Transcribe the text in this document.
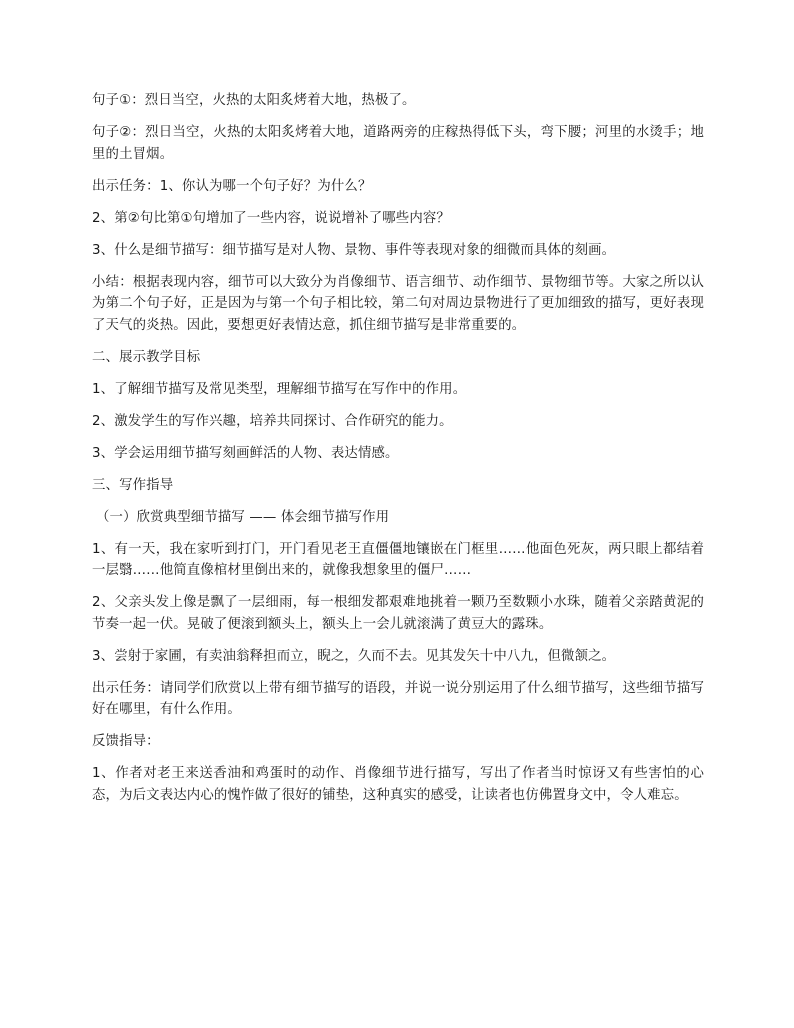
句子①：烈日当空，火热的太阳炙烤着大地，热极了。

句子②：烈日当空，火热的太阳炙烤着大地，道路两旁的庄稼热得低下头，弯下腰；河里的水烫手；地里的土冒烟。

出示任务：1、你认为哪一个句子好？为什么？

2、第②句比第①句增加了一些内容，说说增补了哪些内容？

3、什么是细节描写：细节描写是对人物、景物、事件等表现对象的细微而具体的刻画。

小结：根据表现内容，细节可以大致分为肖像细节、语言细节、动作细节、景物细节等。大家之所以认为第二个句子好，正是因为与第一个句子相比较，第二句对周边景物进行了更加细致的描写，更好表现了天气的炎热。因此，要想更好表情达意，抓住细节描写是非常重要的。

二、展示教学目标

1、了解细节描写及常见类型，理解细节描写在写作中的作用。

2、激发学生的写作兴趣，培养共同探讨、合作研究的能力。

3、学会运用细节描写刻画鲜活的人物、表达情感。

三、写作指导

（一）欣赏典型细节描写 —— 体会细节描写作用

1、有一天，我在家听到打门，开门看见老王直僵僵地镶嵌在门框里……他面色死灰，两只眼上都结着一层翳……他简直像棺材里倒出来的，就像我想象里的僵尸……

2、父亲头发上像是飘了一层细雨，每一根细发都艰难地挑着一颗乃至数颗小水珠，随着父亲踏黄泥的节奏一起一伏。晃破了便滚到额头上，额头上一会儿就滚满了黄豆大的露珠。

3、尝射于家圃，有卖油翁释担而立，睨之，久而不去。见其发矢十中八九，但微颔之。

出示任务：请同学们欣赏以上带有细节描写的语段，并说一说分别运用了什么细节描写，这些细节描写好在哪里，有什么作用。

反馈指导：

1、作者对老王来送香油和鸡蛋时的动作、肖像细节进行描写，写出了作者当时惊讶又有些害怕的心态，为后文表达内心的愧怍做了很好的铺垫，这种真实的感受，让读者也仿佛置身文中，令人难忘。
